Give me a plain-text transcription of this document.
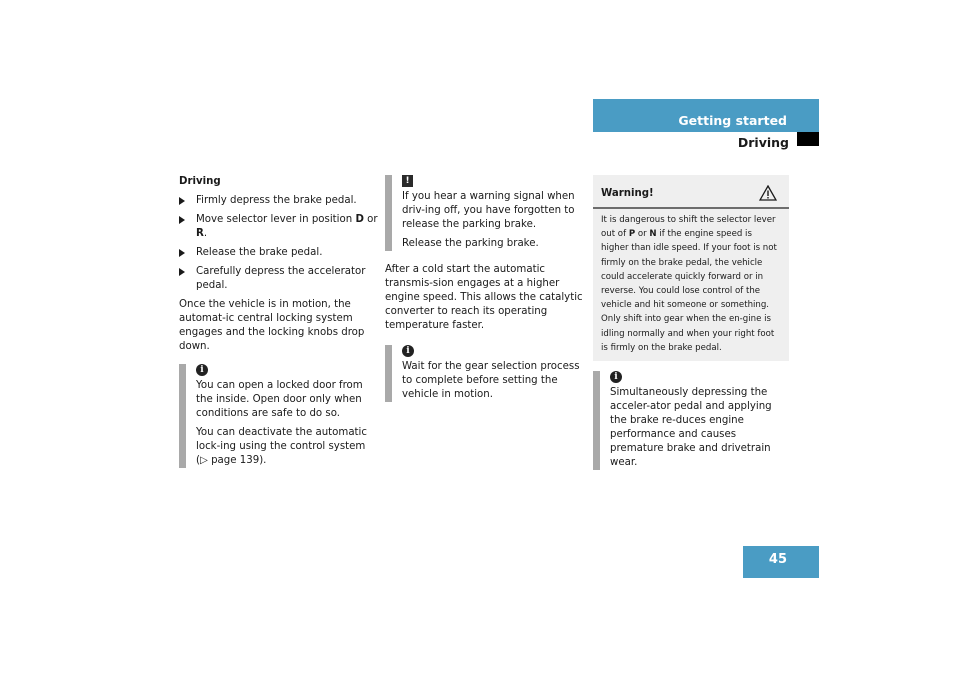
Getting started
Driving
Driving
Firmly depress the brake pedal.
Move selector lever in position D or R.
Release the brake pedal.
Carefully depress the accelerator pedal.

Once the vehicle is in motion, the automat-ic central locking system engages and the locking knobs drop down.

i

You can open a locked door from the inside. Open door only when conditions are safe to do so.

You can deactivate the automatic lock-ing using the control system
(▷ page 139).

!

If you hear a warning signal when driv-ing off, you have forgotten to release the parking brake.

Release the parking brake.

After a cold start the automatic transmis-sion engages at a higher engine speed. This allows the catalytic converter to reach its operating temperature faster.

i

Wait for the gear selection process to complete before setting the vehicle in motion.

Warning!
It is dangerous to shift the selector lever out of P or N if the engine speed is higher than idle speed. If your foot is not firmly on the brake pedal, the vehicle could accelerate quickly forward or in reverse. You could lose control of the vehicle and hit someone or something. Only shift into gear when the en-gine is idling normally and when your right foot is firmly on the brake pedal.
i

Simultaneously depressing the acceler-ator pedal and applying the brake re-duces engine performance and causes premature brake and drivetrain wear.

45
